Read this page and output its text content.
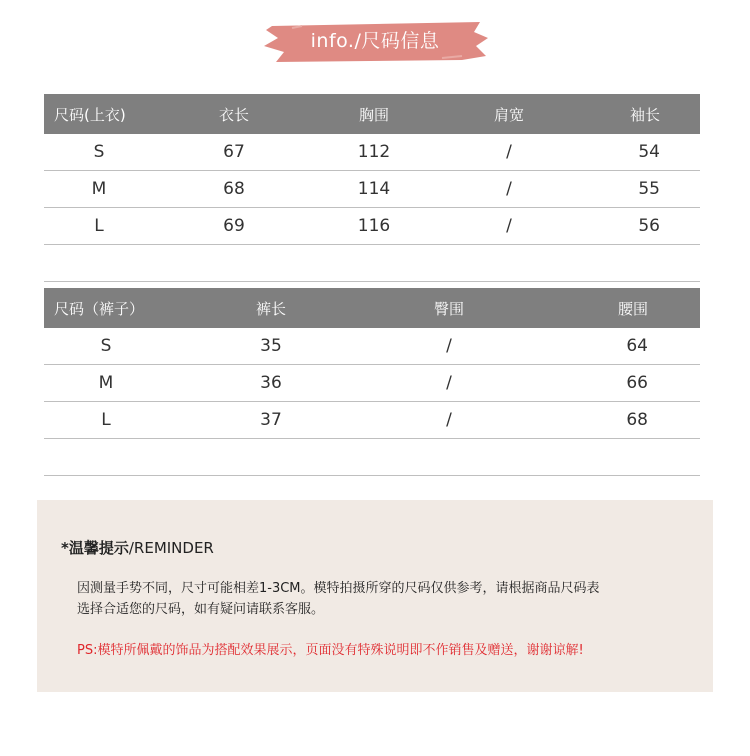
info./尺码信息
尺码(上衣)	衣长	胸围	肩宽	袖长
S	67	112	/	54
M	68	114	/	55
L	69	116	/	56
尺码（裤子）	裤长	臀围	腰围
S	35	/	64
M	36	/	66
L	37	/	68
*温馨提示/REMINDER
因测量手势不同，尺寸可能相差1-3CM。模特拍摄所穿的尺码仅供参考，请根据商品尺码表
选择合适您的尺码，如有疑问请联系客服。
PS:模特所佩戴的饰品为搭配效果展示，页面没有特殊说明即不作销售及赠送，谢谢谅解!
